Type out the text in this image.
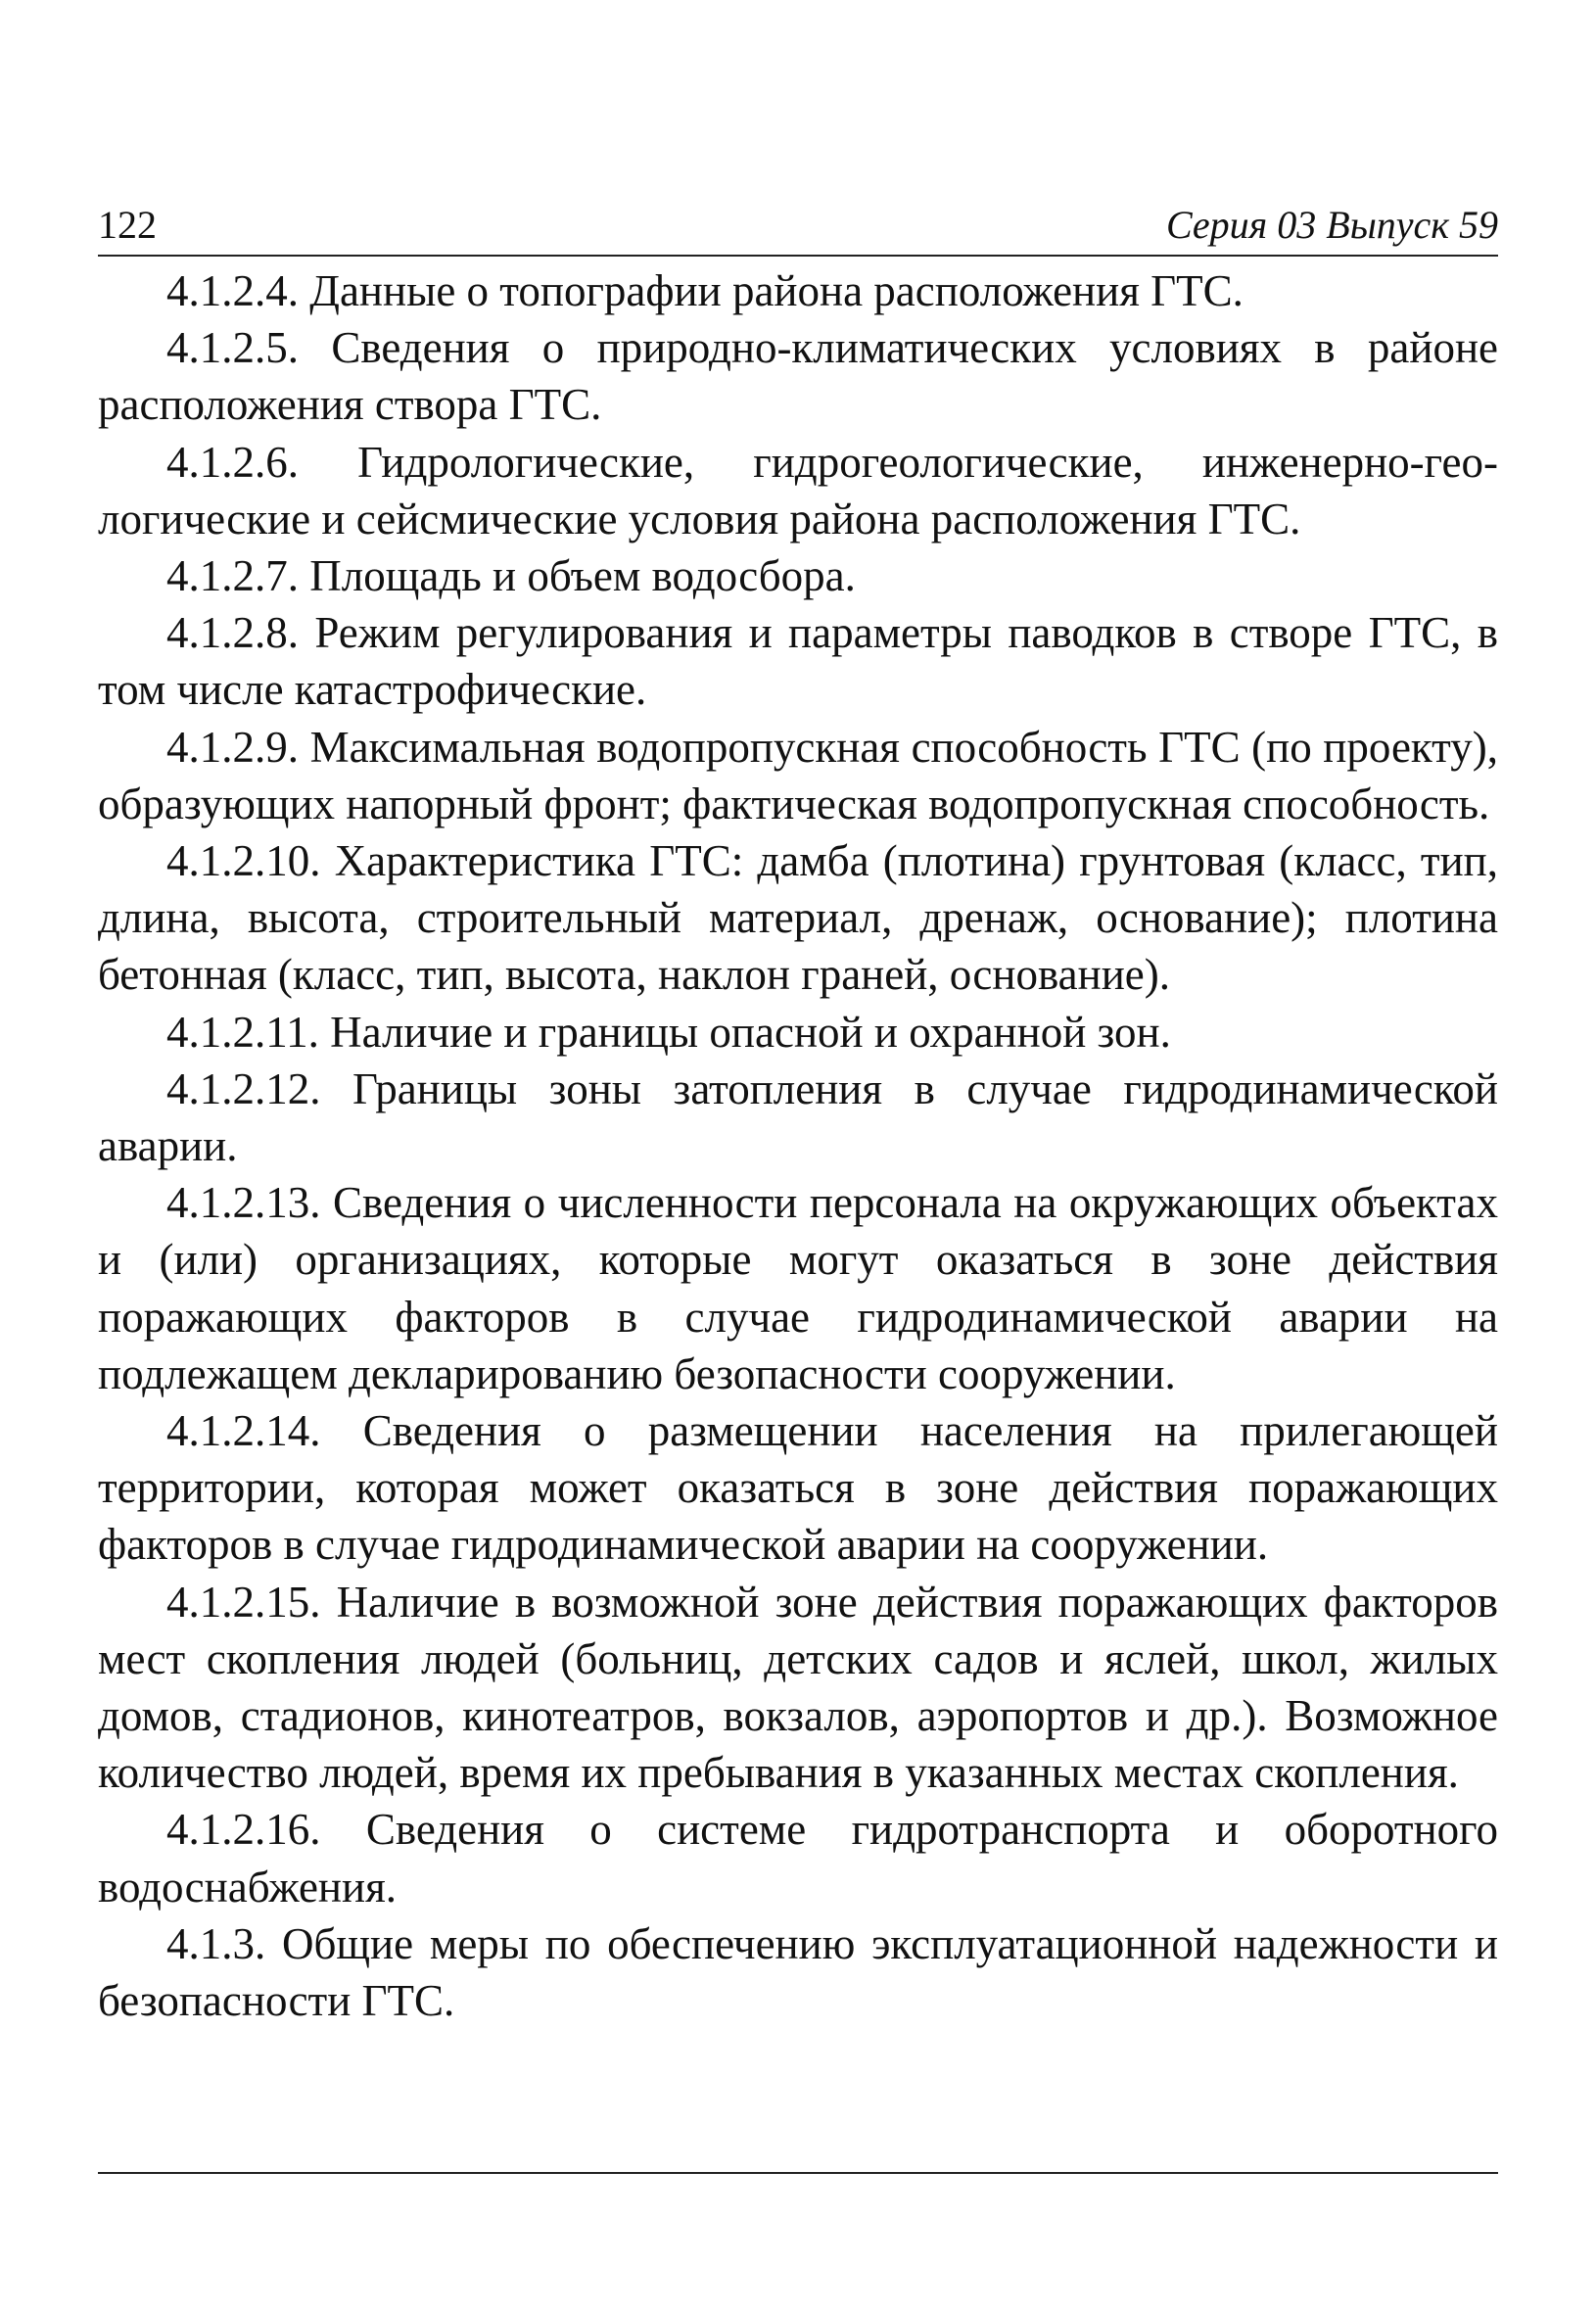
122	Серия 03 Выпуск 59

4.1.2.4. Данные о топографии района расположения ГТС.

4.1.2.5. Сведения о природно-климатических условиях в районе расположения створа ГТС.

4.1.2.6. Гидрологические, гидрогеологические, инженерно-геологические и сейсмические условия района расположения ГТС.

4.1.2.7. Площадь и объем водосбора.

4.1.2.8. Режим регулирования и параметры паводков в створе ГТС, в том числе катастрофические.

4.1.2.9. Максимальная водопропускная способность ГТС (по проекту), образующих напорный фронт; фактическая водопропускная способность.

4.1.2.10. Характеристика ГТС: дамба (плотина) грунтовая (класс, тип, длина, высота, строительный материал, дренаж, основание); плотина бетонная (класс, тип, высота, наклон граней, основание).

4.1.2.11. Наличие и границы опасной и охранной зон.

4.1.2.12. Границы зоны затопления в случае гидродинамической аварии.

4.1.2.13. Сведения о численности персонала на окружающих объектах и (или) организациях, которые могут оказаться в зоне действия поражающих факторов в случае гидродинамической аварии на подлежащем декларированию безопасности сооружении.

4.1.2.14. Сведения о размещении населения на прилегающей территории, которая может оказаться в зоне действия поражающих факторов в случае гидродинамической аварии на сооружении.

4.1.2.15. Наличие в возможной зоне действия поражающих факторов мест скопления людей (больниц, детских садов и яслей, школ, жилых домов, стадионов, кинотеатров, вокзалов, аэропортов и др.). Возможное количество людей, время их пребывания в указанных местах скопления.

4.1.2.16. Сведения о системе гидротранспорта и оборотного водоснабжения.

4.1.3. Общие меры по обеспечению эксплуатационной надежности и безопасности ГТС.
